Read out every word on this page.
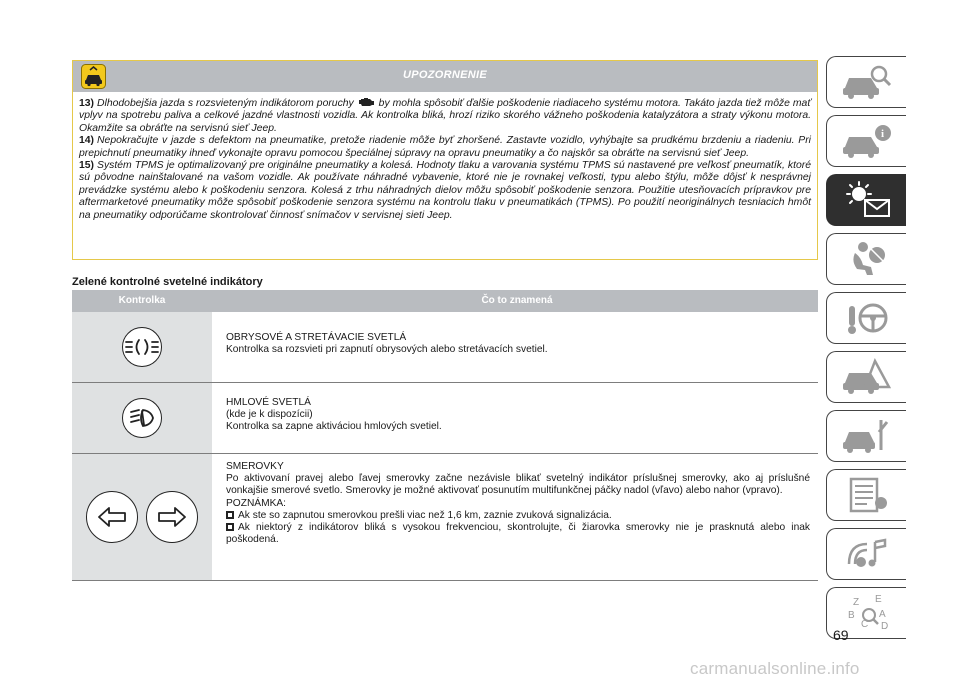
UPOZORNENIE

13) Dlhodobejšia jazda s rozsvieteným indikátorom poruchy by mohla spôsobiť ďalšie poškodenie riadiaceho systému motora. Takáto jazda tiež môže mať vplyv na spotrebu paliva a celkové jazdné vlastnosti vozidla. Ak kontrolka bliká, hrozí riziko skorého vážneho poškodenia katalyzátora a straty výkonu motora. Okamžite sa obráťte na servisnú sieť Jeep.

14) Nepokračujte v jazde s defektom na pneumatike, pretože riadenie môže byť zhoršené. Zastavte vozidlo, vyhýbajte sa prudkému brzdeniu a riadeniu. Pri prepichnutí pneumatiky ihneď vykonajte opravu pomocou špeciálnej súpravy na opravu pneumatiky a čo najskôr sa obráťte na servisnú sieť Jeep.

15) Systém TPMS je optimalizovaný pre originálne pneumatiky a kolesá. Hodnoty tlaku a varovania systému TPMS sú nastavené pre veľkosť pneumatík, ktoré sú pôvodne nainštalované na vašom vozidle. Ak používate náhradné vybavenie, ktoré nie je rovnakej veľkosti, typu alebo štýlu, môže dôjsť k nesprávnej prevádzke systému alebo k poškodeniu senzora. Kolesá z trhu náhradných dielov môžu spôsobiť poškodenie senzora. Použitie utesňovacích prípravkov pre aftermarketové pneumatiky môže spôsobiť poškodenie senzora systému na kontrolu tlaku v pneumatikách (TPMS). Po použití neoriginálnych tesniacich hmôt na pneumatiky odporúčame skontrolovať činnosť snímačov v servisnej sieti Jeep.

Zelené kontrolné svetelné indikátory
Kontrolka	Čo to znamená
OBRYSOVÉ A STRETÁVACIE SVETLÁ
Kontrolka sa rozsvieti pri zapnutí obrysových alebo stretávacích svetiel.
HMLOVÉ SVETLÁ
(kde je k dispozícii)
Kontrolka sa zapne aktiváciou hmlových svetiel.
SMEROVKY
Po aktivovaní pravej alebo ľavej smerovky začne nezávisle blikať svetelný indikátor príslušnej smerovky, ako aj príslušné vonkajšie smerové svetlo. Smerovky je možné aktivovať posunutím multifunkčnej páčky nadol (vľavo) alebo nahor (vpravo).
POZNÁMKA:
Ak ste so zapnutou smerovkou prešli viac než 1,6 km, zaznie zvuková signalizácia.
Ak niektorý z indikátorov bliká s vysokou frekvenciou, skontrolujte, či žiarovka smerovky nie je prasknutá alebo inak poškodená.
i
Z E
B A
C D
69
carmanualsonline.info
